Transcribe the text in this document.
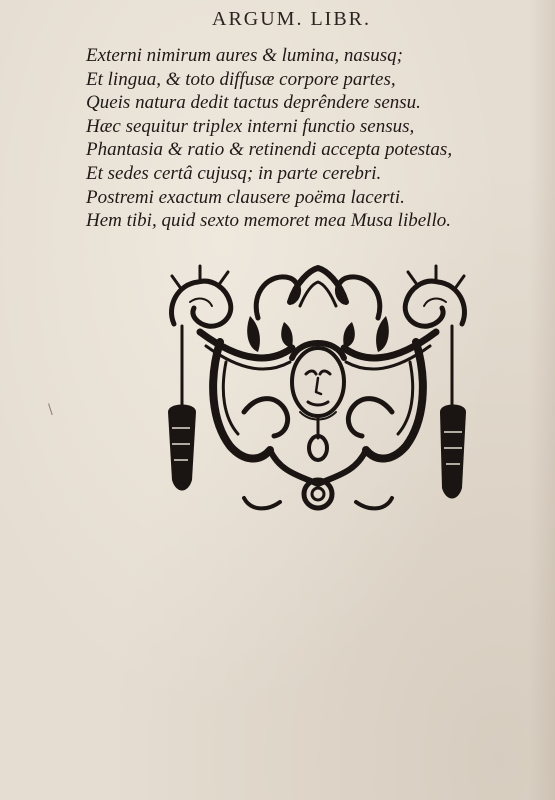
ARGUM. LIBR.
Externi nimirum aures & lumina, nasusq;
Et lingua, & toto diffusæ corpore partes,
Queis natura dedit tactus deprêndere sensu.
Hæc sequitur triplex interni functio sensus,
Phantasia & ratio & retinendi accepta potestas,
Et sedes certâ cujusq; in parte cerebri.
Postremi exactum clausere poëma lacerti.
Hem tibi, quid sexto memoret mea Musa libello.
\
